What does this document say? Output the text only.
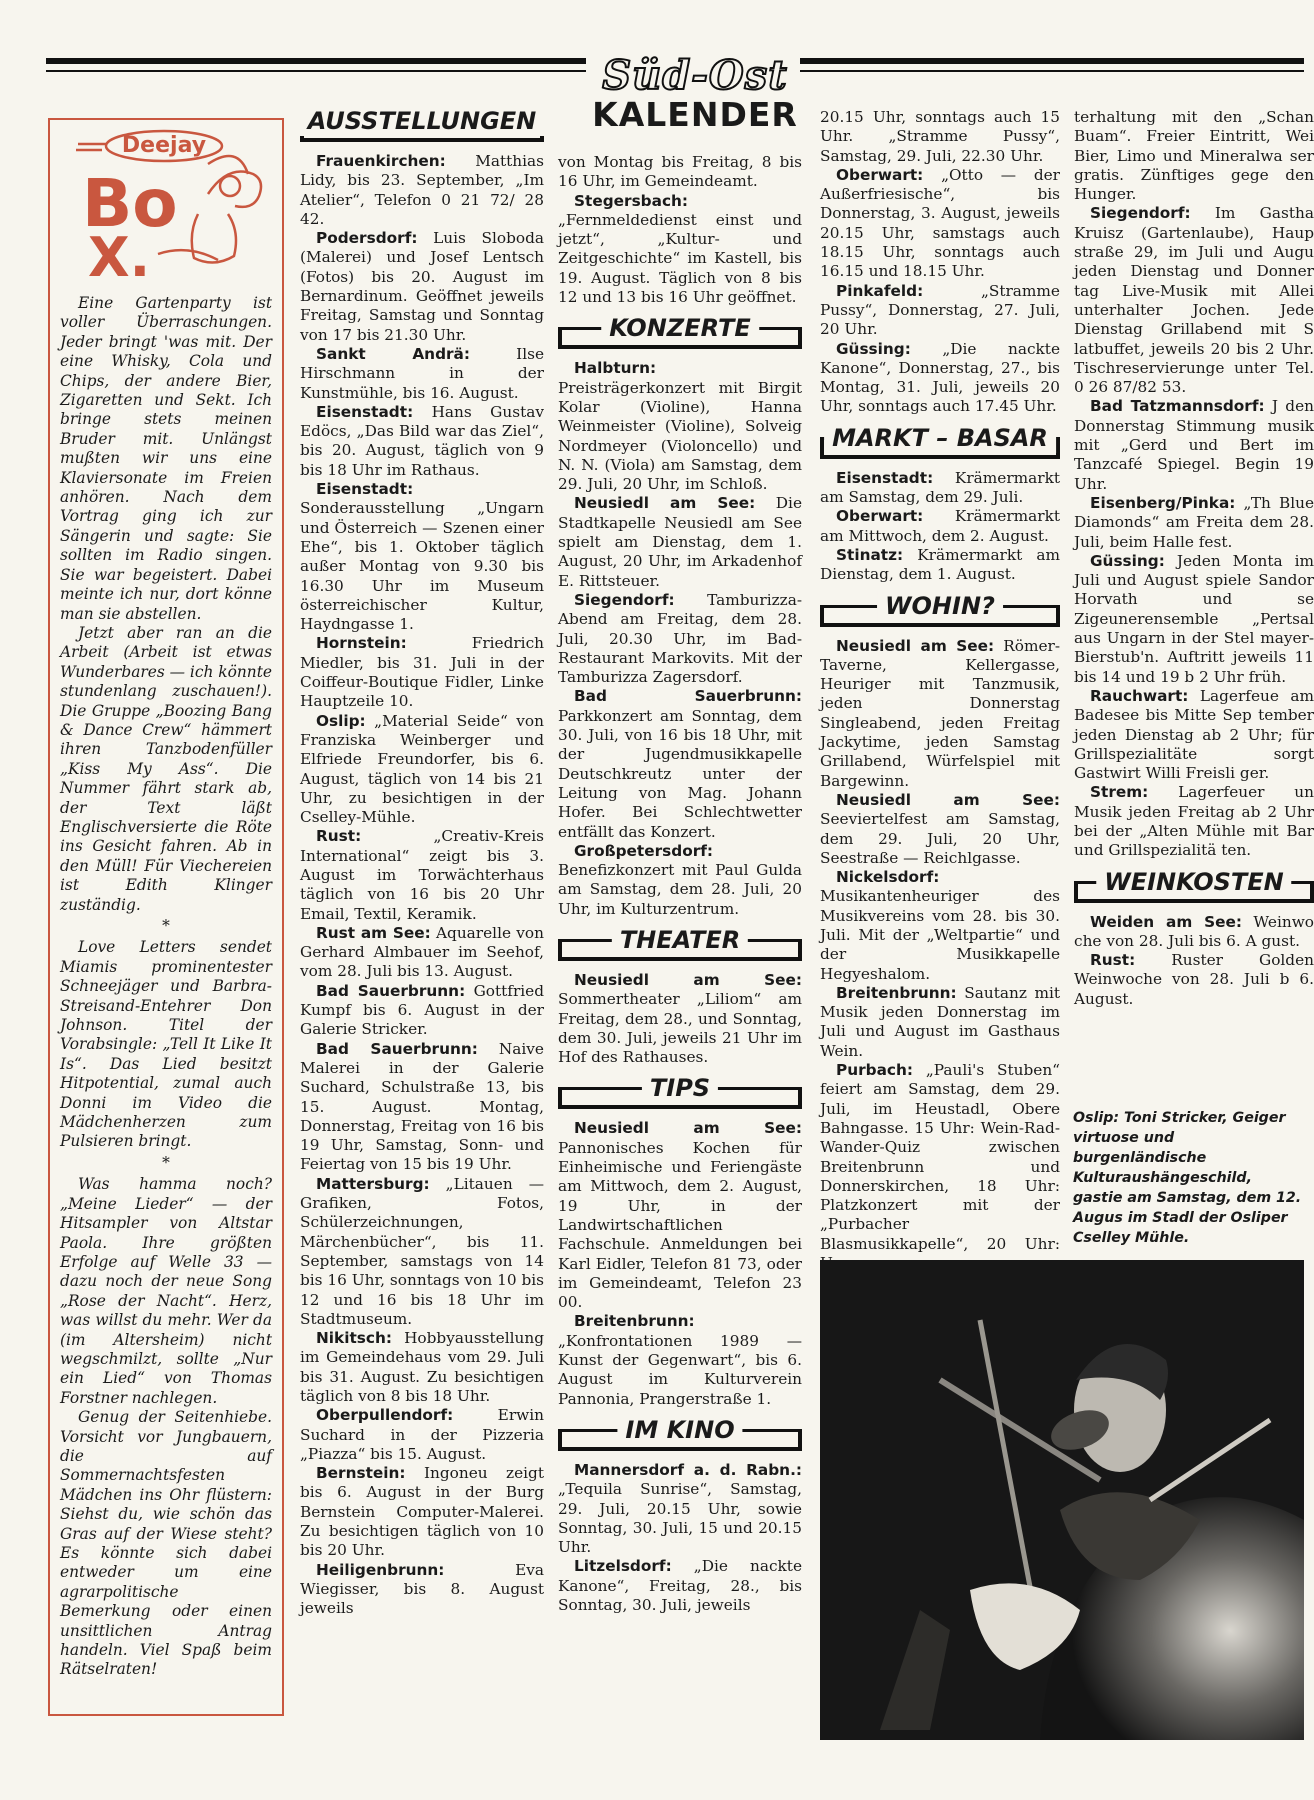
Süd-Ost
KALENDER
Deejay
Bo
X.

Eine Gartenparty ist voller Überraschungen. Jeder bringt 'was mit. Der eine Whisky, Cola und Chips, der andere Bier, Zigaretten und Sekt. Ich bringe stets meinen Bruder mit. Unlängst mußten wir uns eine Klaviersonate im Freien anhören. Nach dem Vortrag ging ich zur Sängerin und sagte: Sie sollten im Radio singen. Sie war begeistert. Dabei meinte ich nur, dort könne man sie abstellen.

Jetzt aber ran an die Arbeit (Arbeit ist etwas Wunderbares — ich könnte stundenlang zuschauen!). Die Gruppe „Boozing Bang & Dance Crew“ hämmert ihren Tanzbodenfüller „Kiss My Ass“. Die Nummer fährt stark ab, der Text läßt Englischversierte die Röte ins Gesicht fahren. Ab in den Müll! Für Viechereien ist Edith Klinger zuständig.

*

Love Letters sendet Miamis prominentester Schneejäger und Barbra-Streisand-Entehrer Don Johnson. Titel der Vorabsingle: „Tell It Like It Is“. Das Lied besitzt Hitpotential, zumal auch Donni im Video die Mädchenherzen zum Pulsieren bringt.

*

Was hamma noch? „Meine Lieder“ — der Hitsampler von Altstar Paola. Ihre größten Erfolge auf Welle 33 — dazu noch der neue Song „Rose der Nacht“. Herz, was willst du mehr. Wer da (im Altersheim) nicht wegschmilzt, sollte „Nur ein Lied“ von Thomas Forstner nachlegen.

Genug der Seitenhiebe. Vorsicht vor Jungbauern, die auf Sommernachtsfesten Mädchen ins Ohr flüstern: Siehst du, wie schön das Gras auf der Wiese steht? Es könnte sich dabei entweder um eine agrarpolitische Bemerkung oder einen unsittlichen Antrag handeln. Viel Spaß beim Rätselraten!

AUSSTELLUNGEN

Frauenkirchen: Matthias Lidy, bis 23. September, „Im Atelier“, Telefon 0 21 72/ 28 42.

Podersdorf: Luis Sloboda (Malerei) und Josef Lentsch (Fotos) bis 20. August im Bernardinum. Geöffnet jeweils Freitag, Samstag und Sonntag von 17 bis 21.30 Uhr.

Sankt Andrä: Ilse Hirschmann in der Kunstmühle, bis 16. August.

Eisenstadt: Hans Gustav Edöcs, „Das Bild war das Ziel“, bis 20. August, täglich von 9 bis 18 Uhr im Rathaus.

Eisenstadt: Sonderausstellung „Ungarn und Österreich — Szenen einer Ehe“, bis 1. Oktober täglich außer Montag von 9.30 bis 16.30 Uhr im Museum österreichischer Kultur, Haydngasse 1.

Hornstein: Friedrich Miedler, bis 31. Juli in der Coiffeur-Boutique Fidler, Linke Hauptzeile 10.

Oslip: „Material Seide“ von Franziska Weinberger und Elfriede Freundorfer, bis 6. August, täglich von 14 bis 21 Uhr, zu besichtigen in der Cselley-Mühle.

Rust: „Creativ-Kreis International“ zeigt bis 3. August im Torwächterhaus täglich von 16 bis 20 Uhr Email, Textil, Keramik.

Rust am See: Aquarelle von Gerhard Almbauer im Seehof, vom 28. Juli bis 13. August.

Bad Sauerbrunn: Gottfried Kumpf bis 6. August in der Galerie Stricker.

Bad Sauerbrunn: Naive Malerei in der Galerie Suchard, Schulstraße 13, bis 15. August. Montag, Donnerstag, Freitag von 16 bis 19 Uhr, Samstag, Sonn- und Feiertag von 15 bis 19 Uhr.

Mattersburg: „Litauen — Grafiken, Fotos, Schülerzeichnungen, Märchenbücher“, bis 11. September, samstags von 14 bis 16 Uhr, sonntags von 10 bis 12 und 16 bis 18 Uhr im Stadtmuseum.

Nikitsch: Hobbyausstellung im Gemeindehaus vom 29. Juli bis 31. August. Zu besichtigen täglich von 8 bis 18 Uhr.

Oberpullendorf: Erwin Suchard in der Pizzeria „Piazza“ bis 15. August.

Bernstein: Ingoneu zeigt bis 6. August in der Burg Bernstein Computer-Malerei. Zu besichtigen täglich von 10 bis 20 Uhr.

Heiligenbrunn: Eva Wiegisser, bis 8. August jeweils

von Montag bis Freitag, 8 bis 16 Uhr, im Gemeindeamt.

Stegersbach: „Fernmeldedienst einst und jetzt“, „Kultur- und Zeitgeschichte“ im Kastell, bis 19. August. Täglich von 8 bis 12 und 13 bis 16 Uhr geöffnet.

KONZERTE

Halbturn: Preisträgerkonzert mit Birgit Kolar (Violine), Hanna Weinmeister (Violine), Solveig Nordmeyer (Violoncello) und N. N. (Viola) am Samstag, dem 29. Juli, 20 Uhr, im Schloß.

Neusiedl am See: Die Stadtkapelle Neusiedl am See spielt am Dienstag, dem 1. August, 20 Uhr, im Arkadenhof E. Rittsteuer.

Siegendorf: Tamburizza-Abend am Freitag, dem 28. Juli, 20.30 Uhr, im Bad-Restaurant Markovits. Mit der Tamburizza Zagersdorf.

Bad Sauerbrunn: Parkkonzert am Sonntag, dem 30. Juli, von 16 bis 18 Uhr, mit der Jugendmusikkapelle Deutschkreutz unter der Leitung von Mag. Johann Hofer. Bei Schlechtwetter entfällt das Konzert.

Großpetersdorf: Benefizkonzert mit Paul Gulda am Samstag, dem 28. Juli, 20 Uhr, im Kulturzentrum.

THEATER

Neusiedl am See: Sommertheater „Liliom“ am Freitag, dem 28., und Sonntag, dem 30. Juli, jeweils 21 Uhr im Hof des Rathauses.

TIPS

Neusiedl am See: Pannonisches Kochen für Einheimische und Feriengäste am Mittwoch, dem 2. August, 19 Uhr, in der Landwirtschaftlichen Fachschule. Anmeldungen bei Karl Eidler, Telefon 81 73, oder im Gemeindeamt, Telefon 23 00.

Breitenbrunn: „Konfrontationen 1989 — Kunst der Gegenwart“, bis 6. August im Kulturverein Pannonia, Prangerstraße 1.

IM KINO

Mannersdorf a. d. Rabn.: „Tequila Sunrise“, Samstag, 29. Juli, 20.15 Uhr, sowie Sonntag, 30. Juli, 15 und 20.15 Uhr.

Litzelsdorf: „Die nackte Kanone“, Freitag, 28., bis Sonntag, 30. Juli, jeweils

20.15 Uhr, sonntags auch 15 Uhr. „Stramme Pussy“, Samstag, 29. Juli, 22.30 Uhr.

Oberwart: „Otto — der Außerfriesische“, bis Donnerstag, 3. August, jeweils 20.15 Uhr, samstags auch 18.15 Uhr, sonntags auch 16.15 und 18.15 Uhr.

Pinkafeld: „Stramme Pussy“, Donnerstag, 27. Juli, 20 Uhr.

Güssing: „Die nackte Kanone“, Donnerstag, 27., bis Montag, 31. Juli, jeweils 20 Uhr, sonntags auch 17.45 Uhr.

MARKT – BASAR

Eisenstadt: Krämermarkt am Samstag, dem 29. Juli.

Oberwart: Krämermarkt am Mittwoch, dem 2. August.

Stinatz: Krämermarkt am Dienstag, dem 1. August.

WOHIN?

Neusiedl am See: Römer-Taverne, Kellergasse, Heuriger mit Tanzmusik, jeden Donnerstag Singleabend, jeden Freitag Jackytime, jeden Samstag Grillabend, Würfelspiel mit Bargewinn.

Neusiedl am See: Seeviertelfest am Samstag, dem 29. Juli, 20 Uhr, Seestraße — Reichlgasse.

Nickelsdorf: Musikantenheuriger des Musikvereins vom 28. bis 30. Juli. Mit der „Weltpartie“ und der Musikkapelle Hegyeshalom.

Breitenbrunn: Sautanz mit Musik jeden Donnerstag im Juli und August im Gasthaus Wein.

Purbach: „Pauli's Stuben“ feiert am Samstag, dem 29. Juli, im Heustadl, Obere Bahngasse. 15 Uhr: Wein-Rad-Wander-Quiz zwischen Breitenbrunn und Donnerskirchen, 18 Uhr: Platzkonzert mit der „Purbacher Blasmusikkapelle“, 20 Uhr:

terhaltung mit den „Schan Buam“. Freier Eintritt, Wei Bier, Limo und Mineralwa ser gratis. Zünftiges gege den Hunger.

Siegendorf: Im Gastha Kruisz (Gartenlaube), Haup straße 29, im Juli und Augu jeden Dienstag und Donner tag Live-Musik mit Allei unterhalter Jochen. Jede Dienstag Grillabend mit S latbuffet, jeweils 20 bis 2 Uhr. Tischreservierunge unter Tel. 0 26 87/82 53.

Bad Tatzmannsdorf: J den Donnerstag Stimmung musik mit „Gerd und Bert im Tanzcafé Spiegel. Begin 19 Uhr.

Eisenberg/Pinka: „Th Blue Diamonds“ am Freita dem 28. Juli, beim Halle fest.

Güssing: Jeden Monta im Juli und August spiele Sandor Horvath und se Zigeunerensemble „Pertsal aus Ungarn in der Stel mayer-Bierstub'n. Auftritt jeweils 11 bis 14 und 19 b 2 Uhr früh.

Rauchwart: Lagerfeue am Badesee bis Mitte Sep tember jeden Dienstag ab 2 Uhr; für Grillspezialitäte sorgt Gastwirt Willi Freisli ger.

Strem: Lagerfeuer un Musik jeden Freitag ab 2 Uhr bei der „Alten Mühle mit Bar und Grillspezialitä ten.

WEINKOSTEN

Weiden am See: Weinwo che von 28. Juli bis 6. A gust.

Rust: Ruster Golden Weinwoche von 28. Juli b 6. August.

Oslip: Toni Stricker, Geiger virtuose und burgenländische Kulturaushängeschild, gastie am Samstag, dem 12. Augus im Stadl der Osliper Cselley Mühle.
